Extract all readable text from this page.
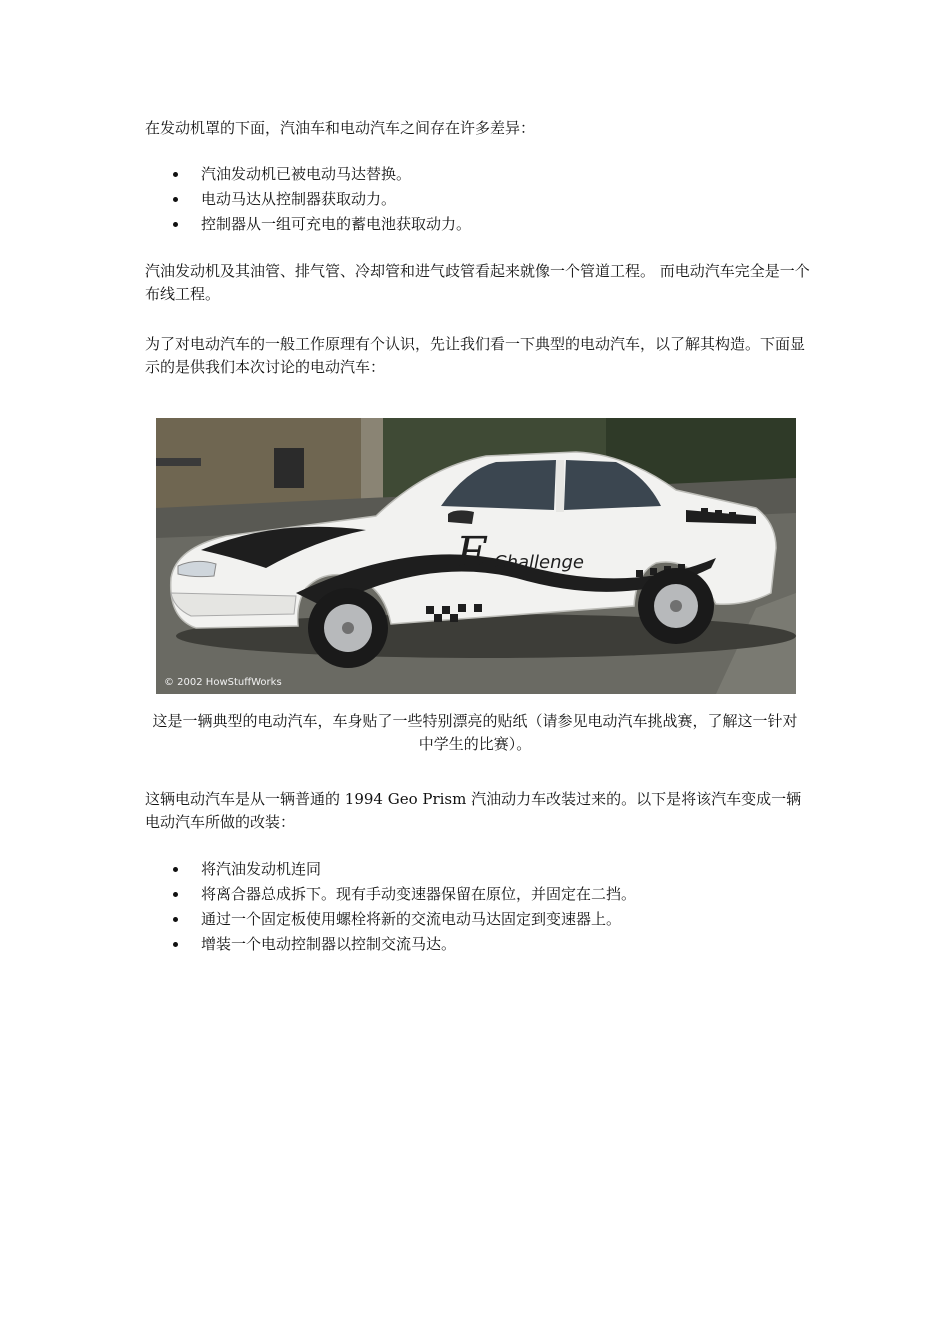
在发动机罩的下面，汽油车和电动汽车之间存在许多差异：

汽油发动机已被电动马达替换。
电动马达从控制器获取动力。
控制器从一组可充电的蓄电池获取动力。

汽油发动机及其油管、排气管、冷却管和进气歧管看起来就像一个管道工程。 而电动汽车完全是一个布线工程。

为了对电动汽车的一般工作原理有个认识，先让我们看一下典型的电动汽车，以了解其构造。下面显示的是供我们本次讨论的电动汽车：

E Challenge
© 2002 HowStuffWorks

这是一辆典型的电动汽车，车身贴了一些特别漂亮的贴纸（请参见电动汽车挑战赛，了解这一针对中学生的比赛）。

这辆电动汽车是从一辆普通的 1994 Geo Prism 汽油动力车改装过来的。以下是将该汽车变成一辆电动汽车所做的改装：

将汽油发动机连同
将离合器总成拆下。现有手动变速器保留在原位，并固定在二挡。
通过一个固定板使用螺栓将新的交流电动马达固定到变速器上。
增装一个电动控制器以控制交流马达。
